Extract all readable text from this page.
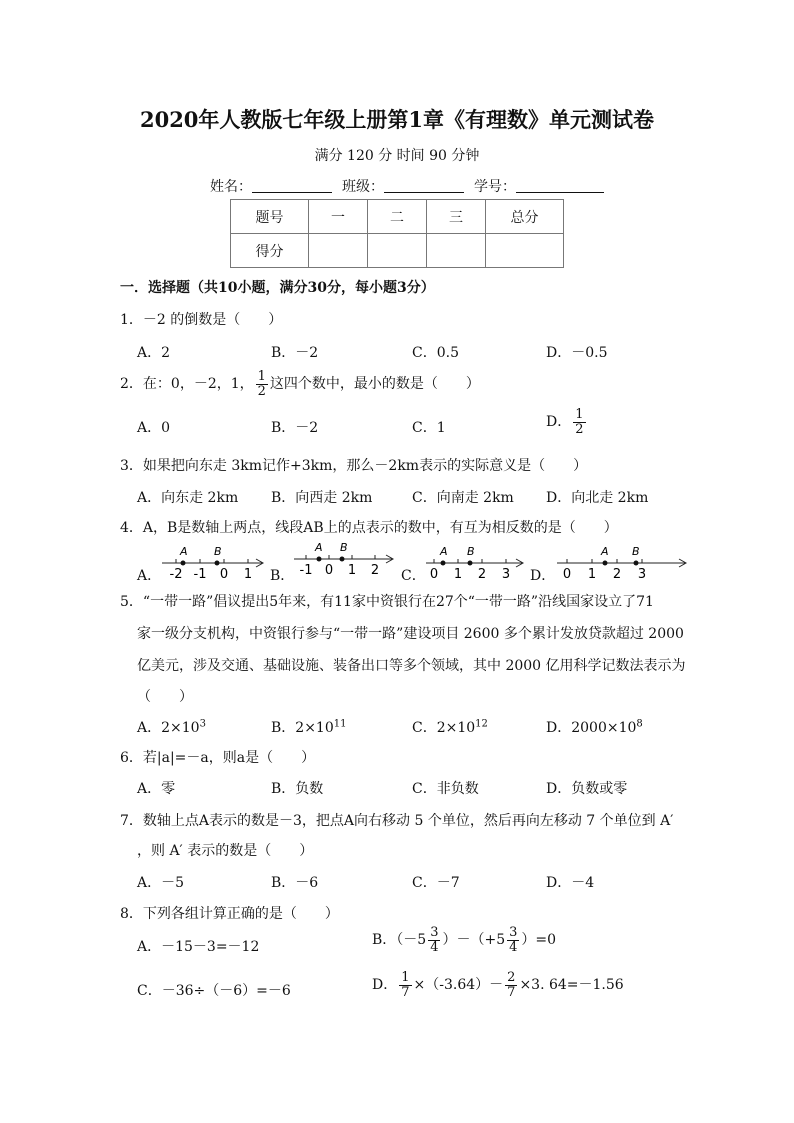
2020年人教版七年级上册第1章《有理数》单元测试卷
满分 120 分 时间 90 分钟
姓名：	班级：	学号：
题号	一	二	三	总分
得分				
一．选择题（共10小题，满分30分，每小题3分）
1．－2 的倒数是（　　）
A．2	B．－2	C．0.5	D．－0.5
2．在：0，－2，1， $\frac{1}{2}$ 这四个数中，最小的数是（　　）
A．0	B．－2	C．1	D． $\frac{1}{2}$
3．如果把向东走 3km记作+3km，那么－2km表示的实际意义是（　　）
A．向东走 2km B．向西走 2km	C．向南走 2km D．向北走 2km
4．A，B是数轴上两点，线段AB上的点表示的数中，有互为相反数的是（　　）
A．	B．	C．	D．
A B
-2 -1 0 1
A B
-1 0 1 2
A B
0 1 2 3
A B
0 1 2 3
5．“一带一路”倡议提出5年来，有11家中资银行在27个“一带一路”沿线国家设立了71
家一级分支机构，中资银行参与“一带一路”建设项目 2600 多个累计发放贷款超过 2000
亿美元，涉及交通、基础设施、装备出口等多个领域，其中 2000 亿用科学记数法表示为
（　　）
A．$2\times 10^3$	B．$2\times 10^{11}$	C．$2\times 10^{12}$	D．$2000\times 10^8$
6．若|a|=－a，则a是（　　）
A．零	B．负数	C．非负数	D．负数或零
7．数轴上点A表示的数是－3，把点A向右移动 5 个单位，然后再向左移动 7 个单位到 A′
，则 A′ 表示的数是（　　）
A．－5	B．－6	C．－7	D．－4
8．下列各组计算正确的是（　　）
A．－15－3=－12	B．$(-5 \frac{3}{4} )-(+5 \frac{3}{4} )=0$
C．－36÷（－6）=－6	D． $\frac{1}{7} \times(-3.64)- \frac{2}{7} \times 3$. 64=－1.56
